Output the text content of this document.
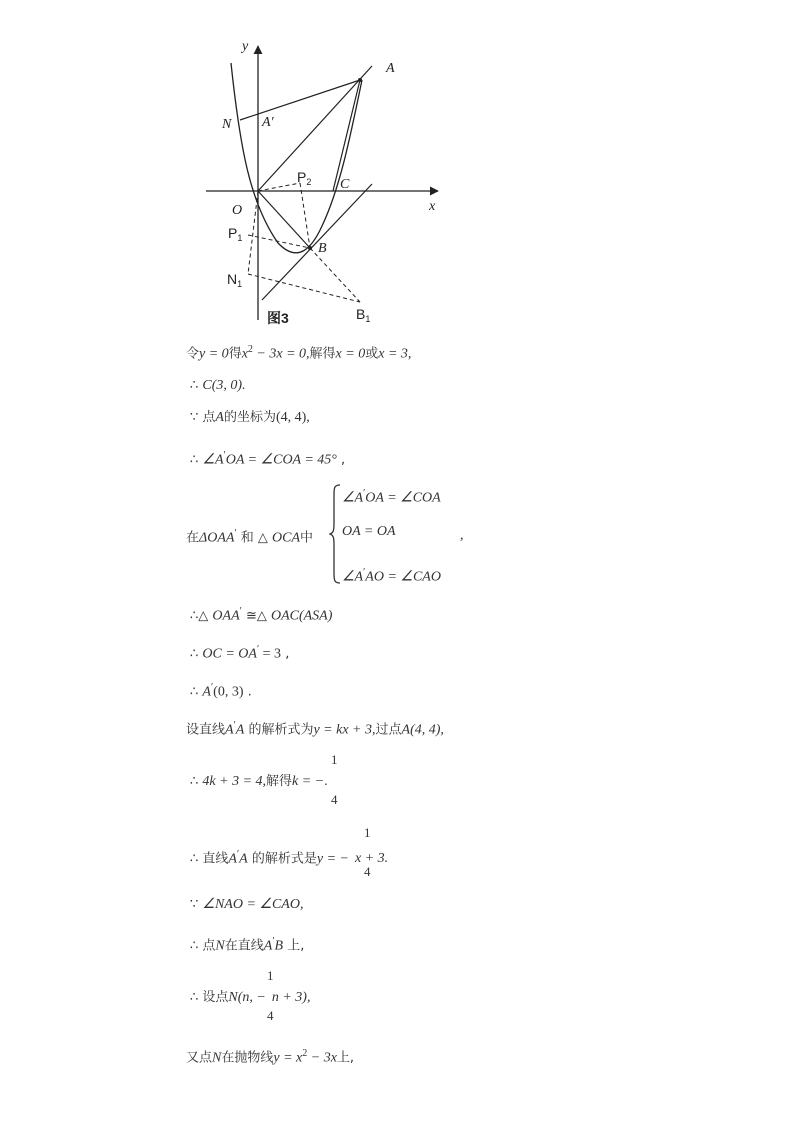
y
x
A
N A'
C
O
B
$P_2$
$P_1$
$N_1$
$B_1$
图3
令y = 0得$x^2 - 3x = 0$,解得x = 0或x = 3,
∴ C(3, 0).
∵ 点A的坐标为(4, 4),
∴ ∠A′OA = ∠COA = 45° ,
在ΔOAA′ 和 △ OCA中
∠A′OA = ∠COA
OA = OA
∠A′AO = ∠CAO
,
∴△ OAA′ ≅△ OAC(ASA)
∴ OC = OA′ = 3 ,
∴ A′(0, 3) .
设直线A′A 的解析式为y = kx + 3,过点A(4, 4),
∴ 4k + 3 = 4,解得k = −.
1
4
∴ 直线A′A 的解析式是y = − x + 3.
1
4
∵ ∠NAO = ∠CAO,
∴ 点N在直线A′B 上,
∴ 设点N(n, − n + 3),
1
4
又点N在抛物线$y = x^2 - 3x$上,
